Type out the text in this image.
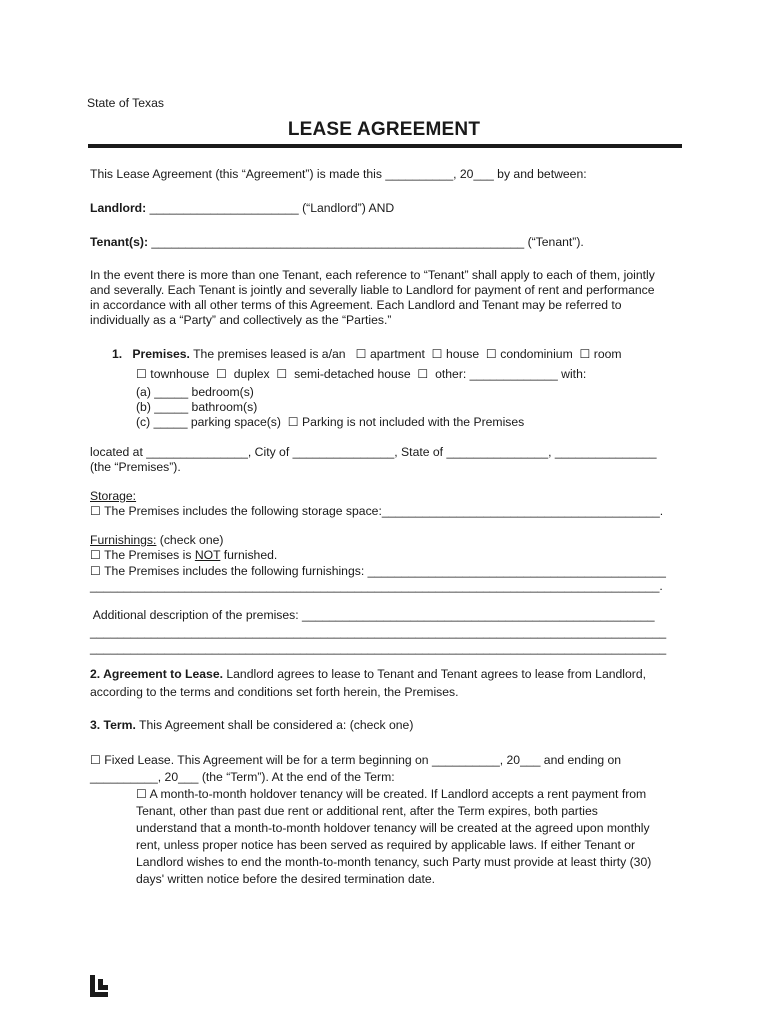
State of Texas
LEASE AGREEMENT
This Lease Agreement (this “Agreement”) is made this __________, 20___ by and between:
Landlord: ______________________ (“Landlord”) AND
Tenant(s): _______________________________________________________ (“Tenant”).
In the event there is more than one Tenant, each reference to “Tenant” shall apply to each of them, jointly
and severally. Each Tenant is jointly and severally liable to Landlord for payment of rent and performance
in accordance with all other terms of this Agreement. Each Landlord and Tenant may be referred to
individually as a “Party” and collectively as the “Parties.”
1. Premises. The premises leased is a/an   ☐ apartment  ☐ house  ☐ condominium  ☐ room
☐ townhouse  ☐  duplex  ☐  semi-detached house  ☐  other: _____________ with:
(a) _____ bedroom(s)
(b) _____ bathroom(s)
(c) _____ parking space(s)  ☐ Parking is not included with the Premises
located at _______________, City of _______________, State of _______________, _______________
(the “Premises”).
Storage:
☐ The Premises includes the following storage space:_________________________________________.
Furnishings: (check one)
☐ The Premises is NOT furnished.
☐ The Premises includes the following furnishings: ____________________________________________
____________________________________________________________________________________.
Additional description of the premises: ____________________________________________________
_____________________________________________________________________________________
_____________________________________________________________________________________
2. Agreement to Lease. Landlord agrees to lease to Tenant and Tenant agrees to lease from Landlord,
according to the terms and conditions set forth herein, the Premises.
3. Term. This Agreement shall be considered a: (check one)
☐ Fixed Lease. This Agreement will be for a term beginning on __________, 20___ and ending on
__________, 20___ (the “Term”). At the end of the Term:
☐ A month-to-month holdover tenancy will be created. If Landlord accepts a rent payment from
Tenant, other than past due rent or additional rent, after the Term expires, both parties
understand that a month-to-month holdover tenancy will be created at the agreed upon monthly
rent, unless proper notice has been served as required by applicable laws. If either Tenant or
Landlord wishes to end the month-to-month tenancy, such Party must provide at least thirty (30)
days' written notice before the desired termination date.
